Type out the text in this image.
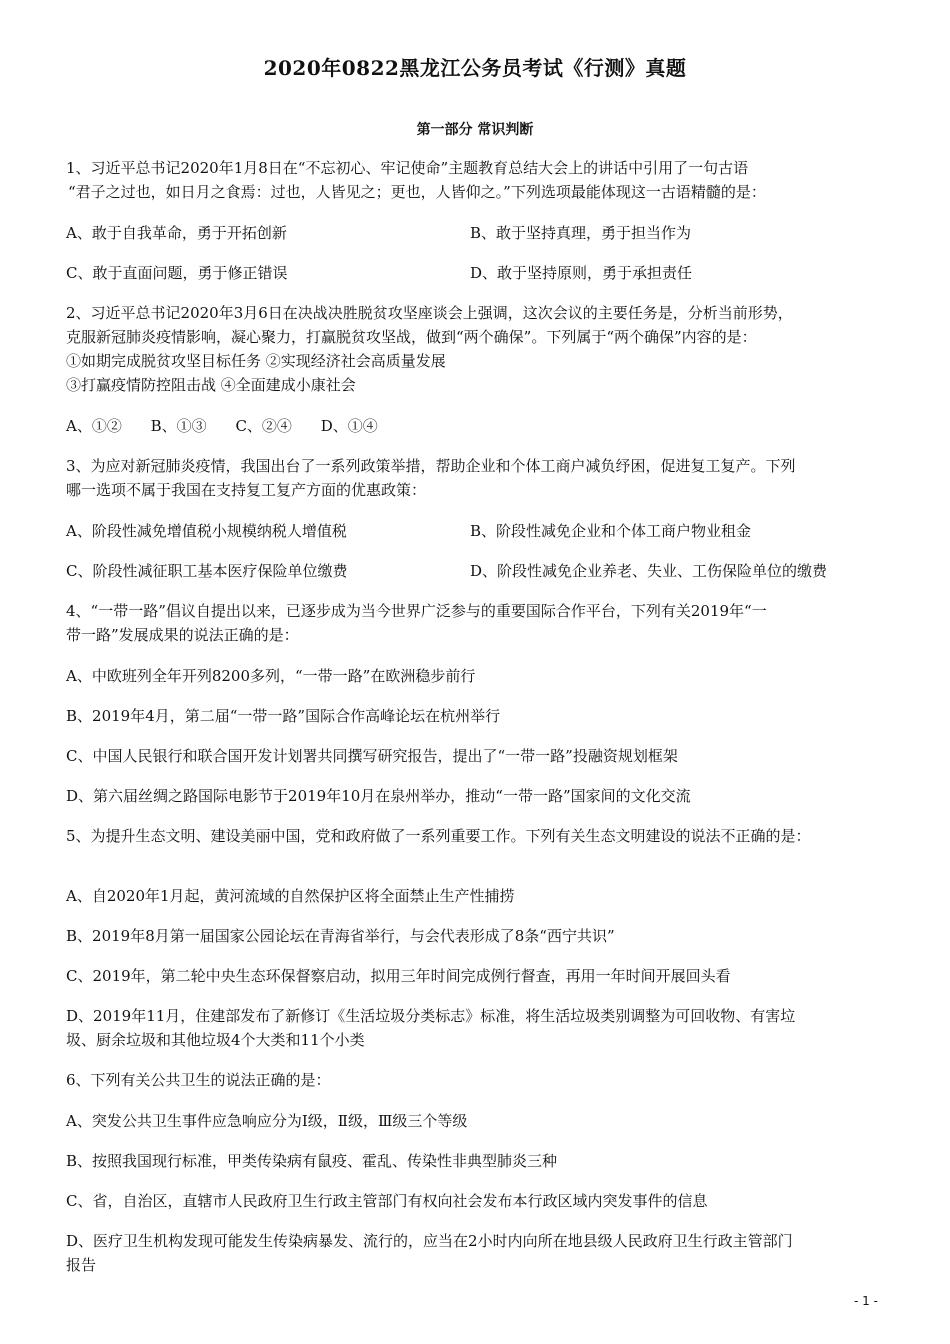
2020年0822黑龙江公务员考试《行测》真题
第一部分 常识判断
1、习近平总书记2020年1月8日在“不忘初心、牢记使命”主题教育总结大会上的讲话中引用了一句古语
“君子之过也，如日月之食焉：过也，人皆见之；更也，人皆仰之。”下列选项最能体现这一古语精髓的是：
A、敢于自我革命，勇于开拓创新	B、敢于坚持真理，勇于担当作为
C、敢于直面问题，勇于修正错误	D、敢于坚持原则，勇于承担责任
2、习近平总书记2020年3月6日在决战决胜脱贫攻坚座谈会上强调，这次会议的主要任务是，分析当前形势，
克服新冠肺炎疫情影响，凝心聚力，打赢脱贫攻坚战，做到“两个确保”。下列属于“两个确保”内容的是：
①如期完成脱贫攻坚目标任务 ②实现经济社会高质量发展
③打赢疫情防控阻击战 ④全面建成小康社会
A、①② B、①③ C、②④ D、①④
3、为应对新冠肺炎疫情，我国出台了一系列政策举措，帮助企业和个体工商户减负纾困，促进复工复产。下列
哪一选项不属于我国在支持复工复产方面的优惠政策：
A、阶段性减免增值税小规模纳税人增值税	B、阶段性减免企业和个体工商户物业租金
C、阶段性减征职工基本医疗保险单位缴费	D、阶段性减免企业养老、失业、工伤保险单位的缴费
4、“一带一路”倡议自提出以来，已逐步成为当今世界广泛参与的重要国际合作平台，下列有关2019年“一
带一路”发展成果的说法正确的是：
A、中欧班列全年开列8200多列，“一带一路”在欧洲稳步前行
B、2019年4月，第二届“一带一路”国际合作高峰论坛在杭州举行
C、中国人民银行和联合国开发计划署共同撰写研究报告，提出了“一带一路”投融资规划框架
D、第六届丝绸之路国际电影节于2019年10月在泉州举办，推动“一带一路”国家间的文化交流
5、为提升生态文明、建设美丽中国，党和政府做了一系列重要工作。下列有关生态文明建设的说法不正确的是：
A、自2020年1月起，黄河流域的自然保护区将全面禁止生产性捕捞
B、2019年8月第一届国家公园论坛在青海省举行，与会代表形成了8条“西宁共识”
C、2019年，第二轮中央生态环保督察启动，拟用三年时间完成例行督查，再用一年时间开展回头看
D、2019年11月，住建部发布了新修订《生活垃圾分类标志》标准，将生活垃圾类别调整为可回收物、有害垃
圾、厨余垃圾和其他垃圾4个大类和11个小类
6、下列有关公共卫生的说法正确的是：
A、突发公共卫生事件应急响应分为Ⅰ级，Ⅱ级，Ⅲ级三个等级
B、按照我国现行标准，甲类传染病有鼠疫、霍乱、传染性非典型肺炎三种
C、省，自治区，直辖市人民政府卫生行政主管部门有权向社会发布本行政区域内突发事件的信息
D、医疗卫生机构发现可能发生传染病暴发、流行的，应当在2小时内向所在地县级人民政府卫生行政主管部门
报告
- 1 -
